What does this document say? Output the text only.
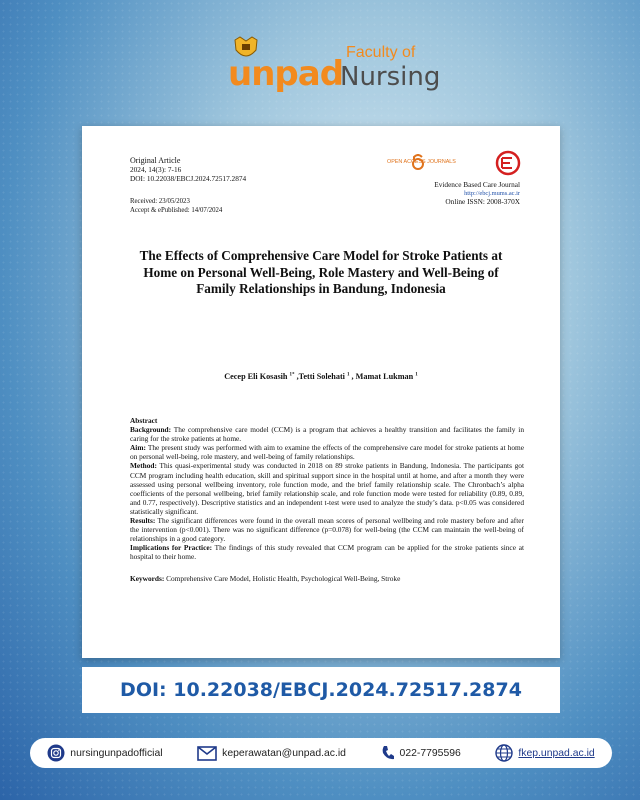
unpad
Faculty of
Nursing
Original Article
2024, 14(3): 7-16
DOI: 10.22038/EBCJ.2024.72517.2874
Received: 23/05/2023
Accept & ePublished: 14/07/2024
OPEN ACCESS JOURNALS
Evidence Based Care Journal
http://ebcj.mums.ac.ir
Online ISSN: 2008-370X
The Effects of Comprehensive Care Model for Stroke Patients at Home on Personal Well-Being, Role Mastery and Well-Being of Family Relationships in Bandung, Indonesia
Cecep Eli Kosasih $^{1*}$ ,Tetti Solehati $^1$ , Mamat Lukman $^1$

Abstract

Background: The comprehensive care model (CCM) is a program that achieves a healthy transition and facilitates the family in caring for the stroke patients at home.

Aim: The present study was performed with aim to examine the effects of the comprehensive care model for stroke patients at home on personal well-being, role mastery, and well-being of family relationships.

Method: This quasi-experimental study was conducted in 2018 on 89 stroke patients in Bandung, Indonesia. The participants got CCM program including health education, skill and spiritual support since in the hospital until at home, and after a month they were assessed using personal wellbeing inventory, role function mode, and the brief family relationship scale. The Chronbach’s alpha coefficients of the personal wellbeing, brief family relationship scale, and role function mode were tested for reliability (0.89, 0.89, and 0.77, respectively). Descriptive statistics and an independent t-test were used to analyze the study’s data. p<0.05 was considered statistically significant.

Results: The significant differences were found in the overall mean scores of personal wellbeing and role mastery before and after the intervention (p<0.001). There was no significant difference (p=0.078) for well-being (the CCM can maintain the well-being of relationships in a good category.

Implications for Practice: The findings of this study revealed that CCM program can be applied for the stroke patients since at hospital to their home.

Keywords: Comprehensive Care Model, Holistic Health, Psychological Well-Being, Stroke

DOI: 10.22038/EBCJ.2024.72517.2874
nursingunpadofficial	keperawatan@unpad.ac.id	022-7795596	fkep.unpad.ac.id
